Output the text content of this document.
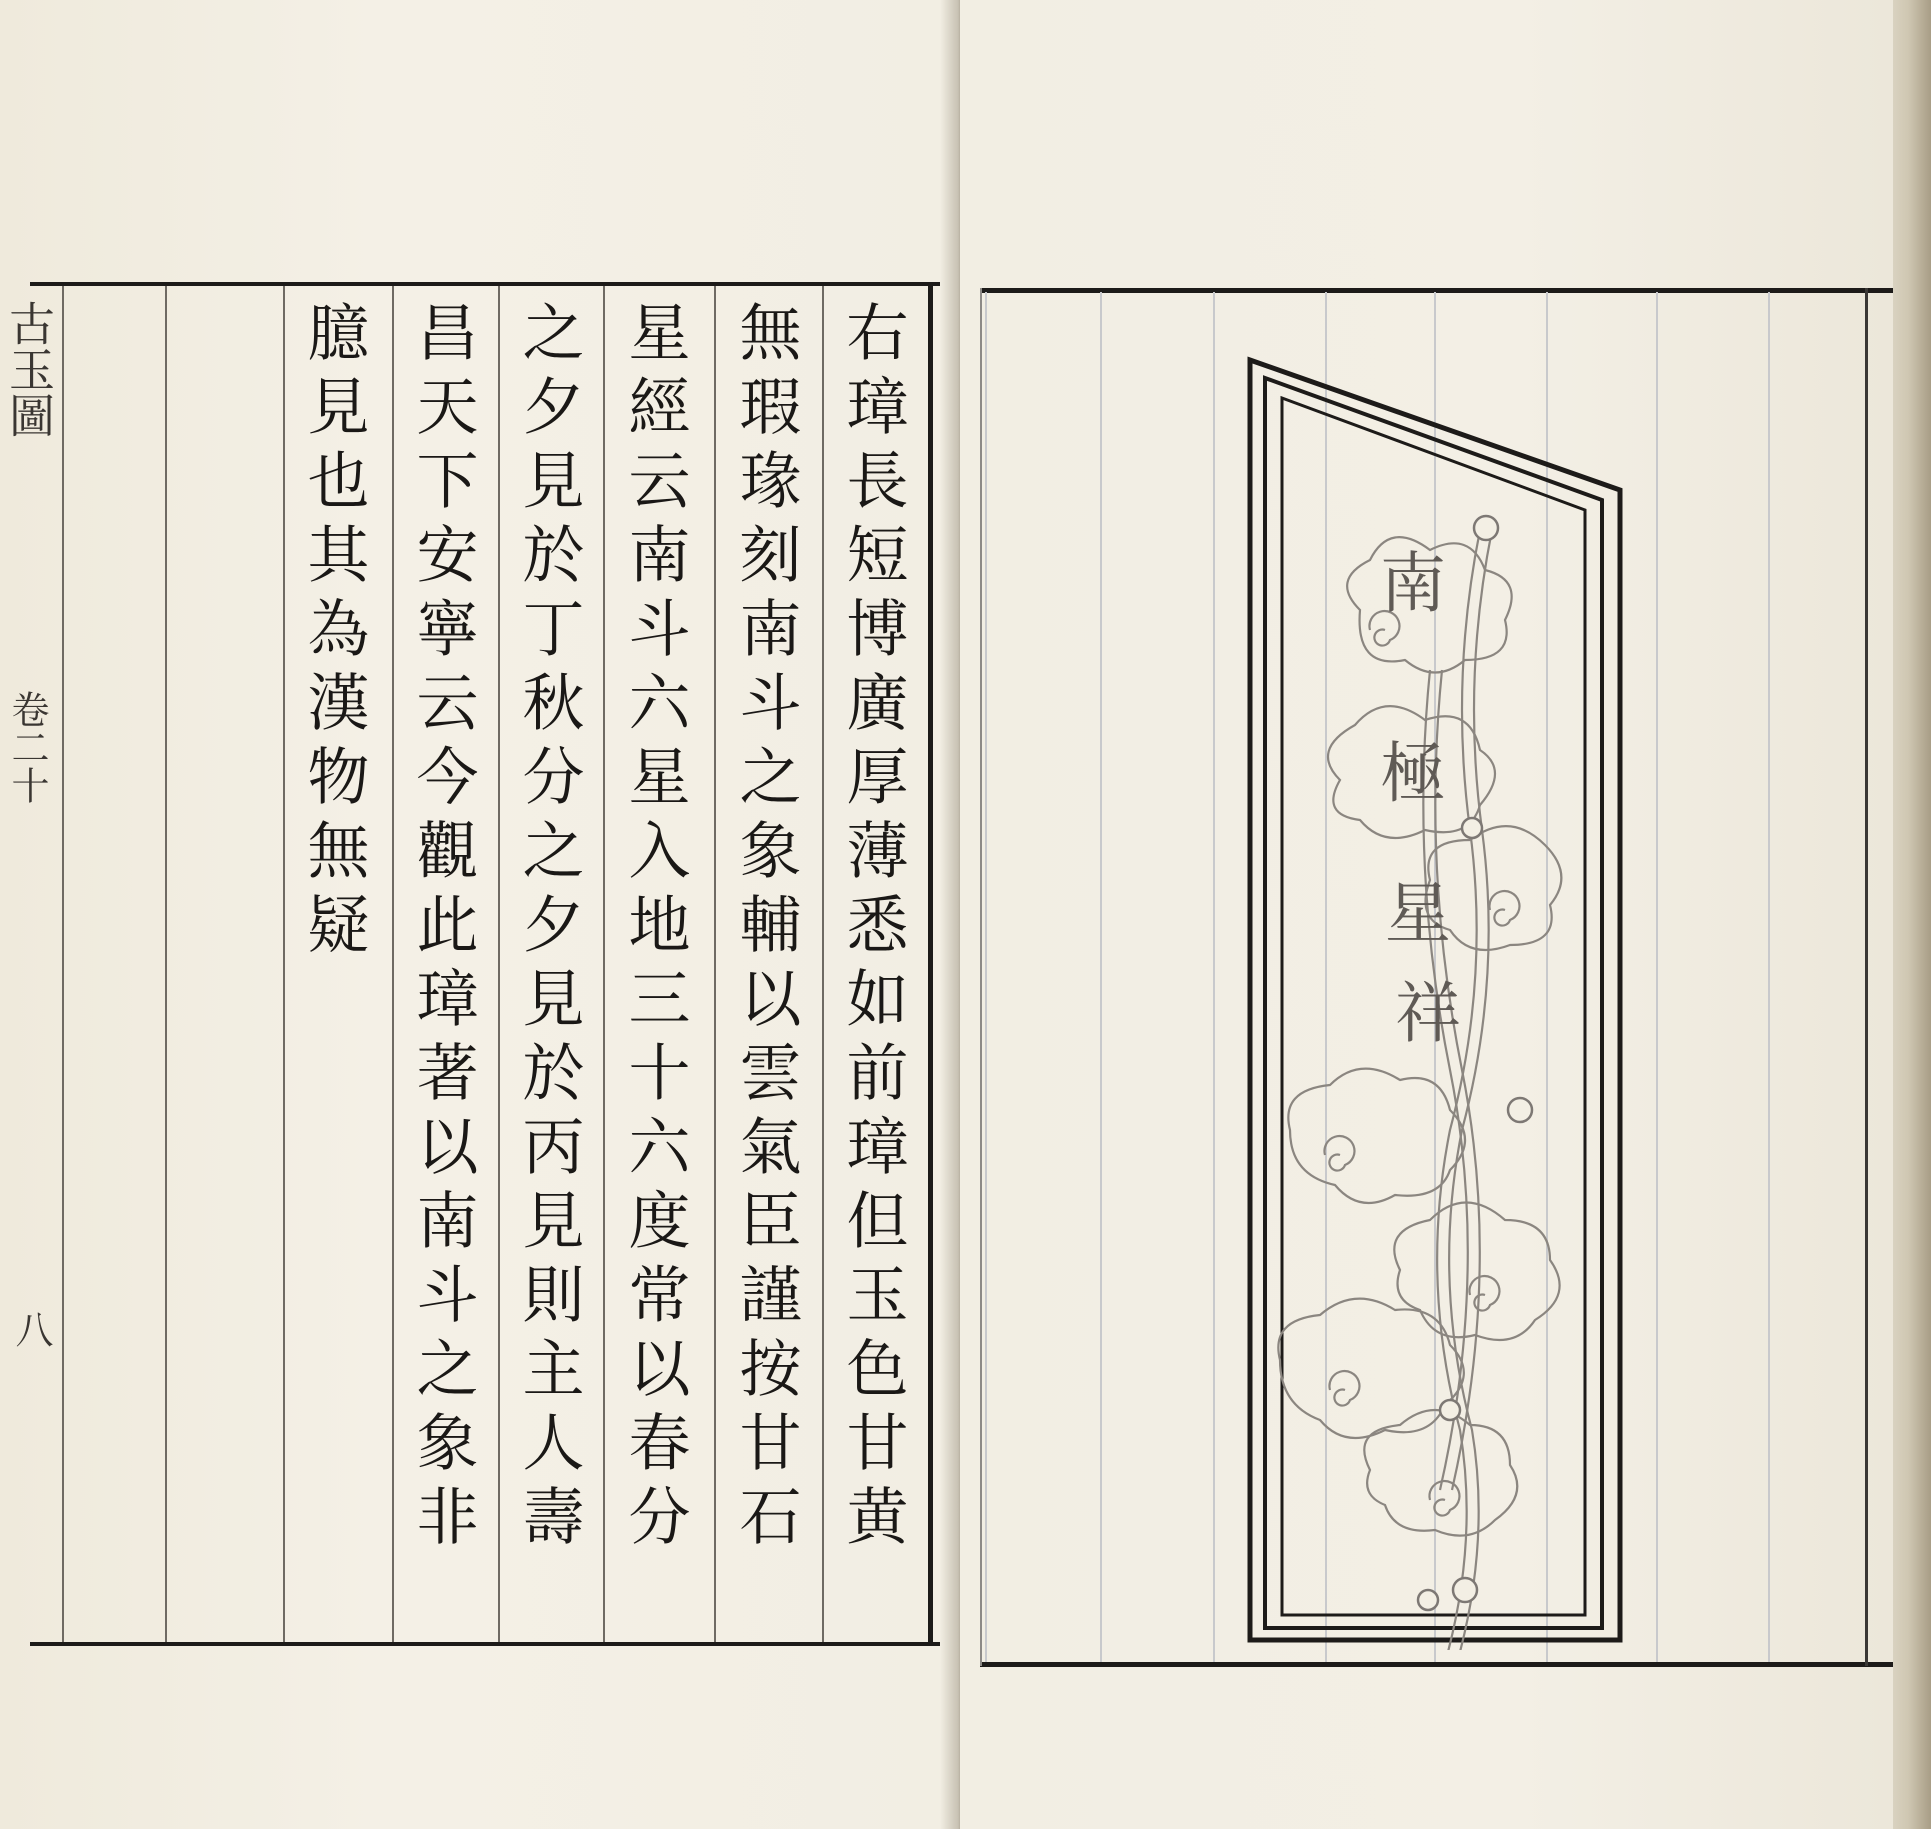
古玉圖
卷二十
八	右璋長短博廣厚薄悉如前璋但玉色甘黄
無瑕瑑刻南斗之象輔以雲氣臣謹按甘石
星經云南斗六星入地三十六度常以春分
之夕見於丁秋分之夕見於丙見則主人壽
昌天下安寧云今觀此璋著以南斗之象非
臆見也其為漢物無疑	南
極
星
祥
